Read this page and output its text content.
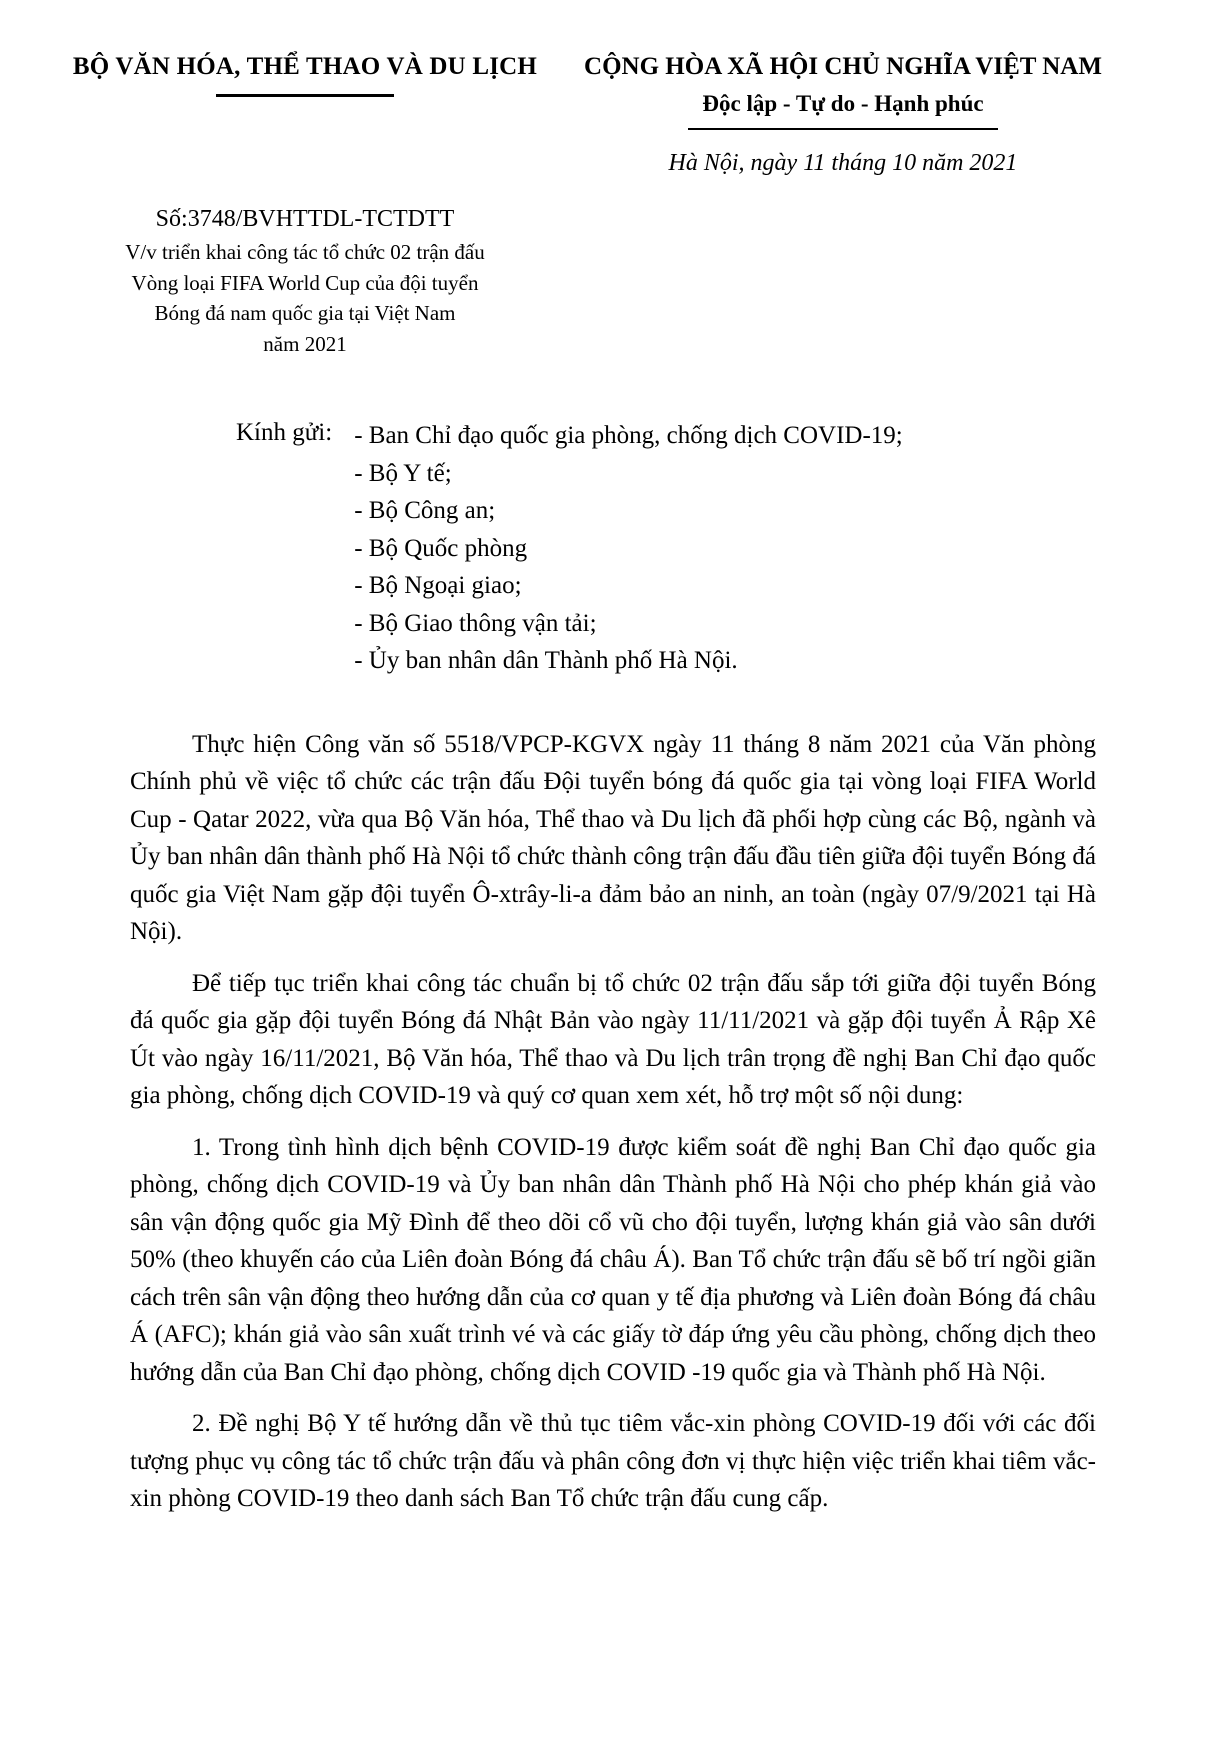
BỘ VĂN HÓA, THỂ THAO VÀ DU LỊCH	CỘNG HÒA XÃ HỘI CHỦ NGHĨA VIỆT NAM
Độc lập - Tự do - Hạnh phúc
Hà Nội, ngày 11 tháng 10 năm 2021
Số:3748/BVHTTDL-TCTDTT
V/v triển khai công tác tổ chức 02 trận đấu
Vòng loại FIFA World Cup của đội tuyển
Bóng đá nam quốc gia tại Việt Nam
năm 2021
Kính gửi: - Ban Chỉ đạo quốc gia phòng, chống dịch COVID-19;
- Bộ Y tế;
- Bộ Công an;
- Bộ Quốc phòng
- Bộ Ngoại giao;
- Bộ Giao thông vận tải;
- Ủy ban nhân dân Thành phố Hà Nội.

Thực hiện Công văn số 5518/VPCP-KGVX ngày 11 tháng 8 năm 2021 của Văn phòng Chính phủ về việc tổ chức các trận đấu Đội tuyển bóng đá quốc gia tại vòng loại FIFA World Cup - Qatar 2022, vừa qua Bộ Văn hóa, Thể thao và Du lịch đã phối hợp cùng các Bộ, ngành và Ủy ban nhân dân thành phố Hà Nội tổ chức thành công trận đấu đầu tiên giữa đội tuyển Bóng đá quốc gia Việt Nam gặp đội tuyển Ô-xtrây-li-a đảm bảo an ninh, an toàn (ngày 07/9/2021 tại Hà Nội).

Để tiếp tục triển khai công tác chuẩn bị tổ chức 02 trận đấu sắp tới giữa đội tuyển Bóng đá quốc gia gặp đội tuyển Bóng đá Nhật Bản vào ngày 11/11/2021 và gặp đội tuyển Ả Rập Xê Út vào ngày 16/11/2021, Bộ Văn hóa, Thể thao và Du lịch trân trọng đề nghị Ban Chỉ đạo quốc gia phòng, chống dịch COVID-19 và quý cơ quan xem xét, hỗ trợ một số nội dung:

1. Trong tình hình dịch bệnh COVID-19 được kiểm soát đề nghị Ban Chỉ đạo quốc gia phòng, chống dịch COVID-19 và Ủy ban nhân dân Thành phố Hà Nội cho phép khán giả vào sân vận động quốc gia Mỹ Đình để theo dõi cổ vũ cho đội tuyển, lượng khán giả vào sân dưới 50% (theo khuyến cáo của Liên đoàn Bóng đá châu Á). Ban Tổ chức trận đấu sẽ bố trí ngồi giãn cách trên sân vận động theo hướng dẫn của cơ quan y tế địa phương và Liên đoàn Bóng đá châu Á (AFC); khán giả vào sân xuất trình vé và các giấy tờ đáp ứng yêu cầu phòng, chống dịch theo hướng dẫn của Ban Chỉ đạo phòng, chống dịch COVID -19 quốc gia và Thành phố Hà Nội.

2. Đề nghị Bộ Y tế hướng dẫn về thủ tục tiêm vắc-xin phòng COVID-19 đối với các đối tượng phục vụ công tác tổ chức trận đấu và phân công đơn vị thực hiện việc triển khai tiêm vắc-xin phòng COVID-19 theo danh sách Ban Tổ chức trận đấu cung cấp.
